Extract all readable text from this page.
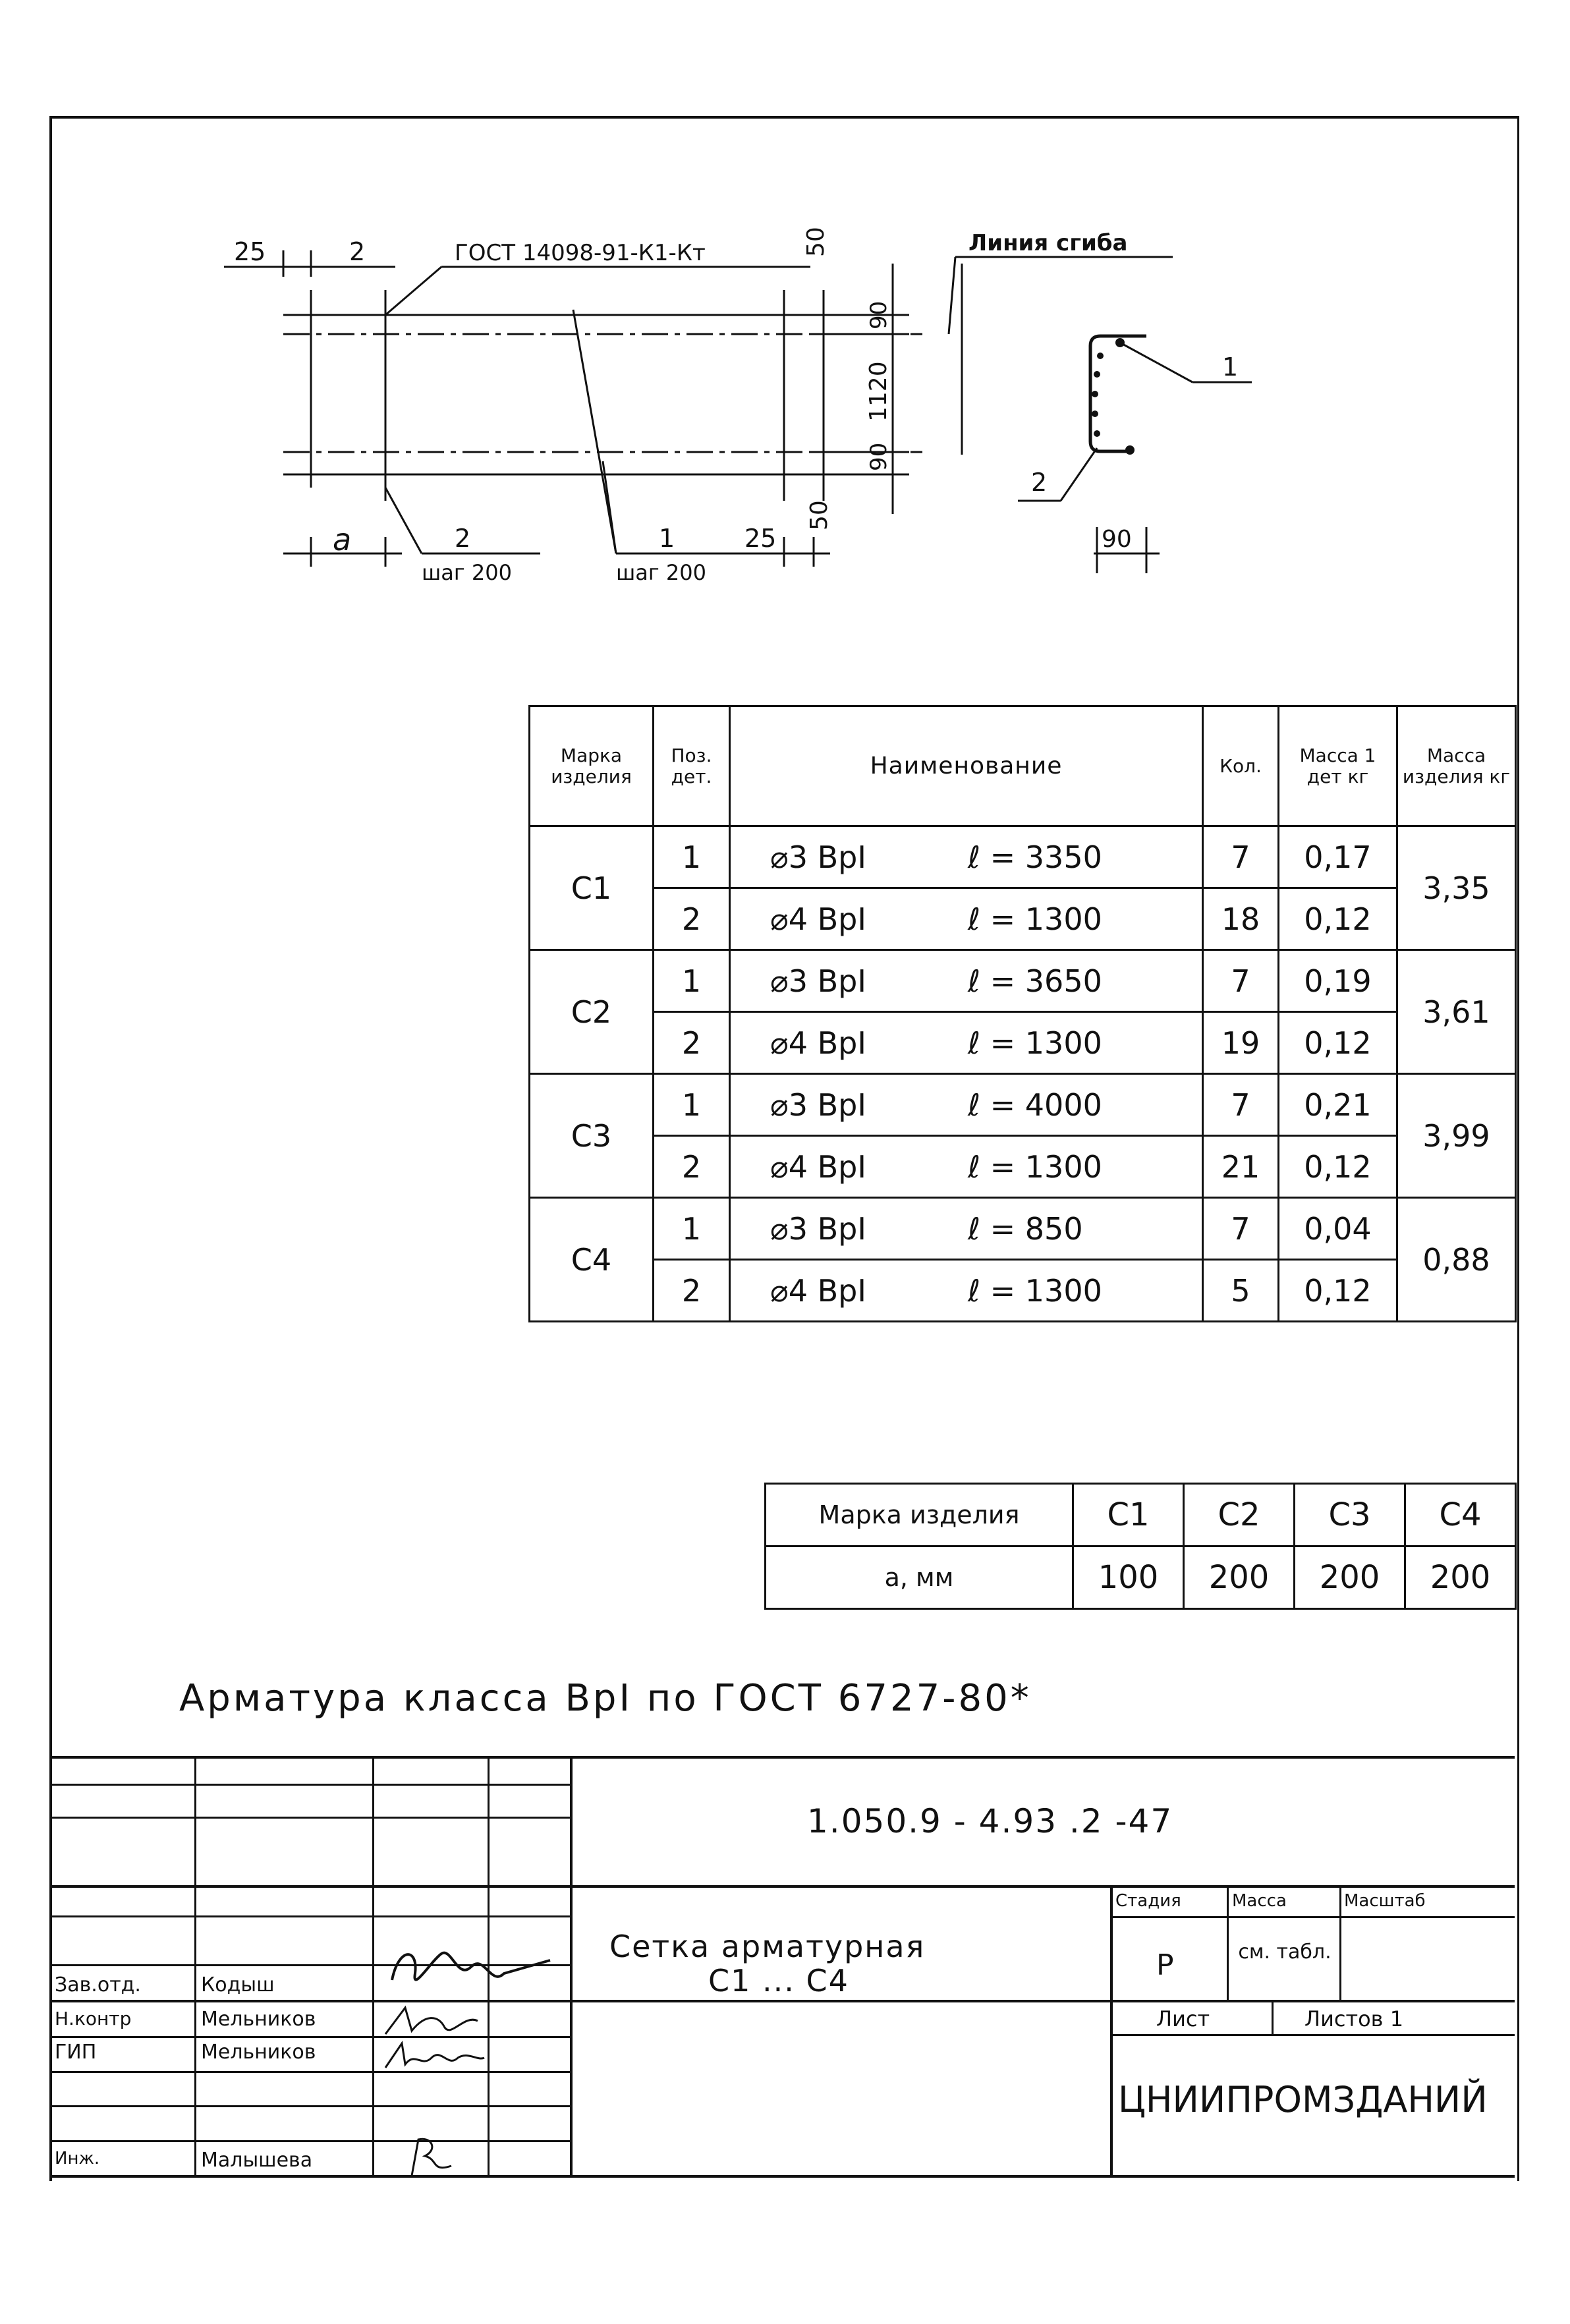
25	2	ГОСТ 14098-91-К1-Кт	50
90
1120
90
50
Линия сгиба
a	2
шаг 200
1
шаг 200
25
1
2
90
Марка изделия	Поз. дет.	Наименование	Кол.	Масса 1 дет кг	Масса изделия кг
С1	1	⌀3 ВрI ℓ = 3350	7	0,17	3,35
	2	⌀4 ВрI ℓ = 1300	18	0,12	
С2	1	⌀3 ВрI ℓ = 3650	7	0,19	3,61
	2	⌀4 ВрI ℓ = 1300	19	0,12	
С3	1	⌀3 ВрI ℓ = 4000	7	0,21	3,99
	2	⌀4 ВрI ℓ = 1300	21	0,12	
С4	1	⌀3 ВрI ℓ = 850	7	0,04	0,88
	2	⌀4 ВрI ℓ = 1300	5	0,12	
Марка изделия	С1	С2	С3	С4
a, мм	100	200	200	200
Арматура класса ВрI по ГОСТ 6727-80*
1.050.9 - 4.93 .2 -47
Сетка арматурная
С1 ... С4
Стадия	Масса	Масштаб
Р	см. табл.
Лист	Листов 1
ЦНИИПРОМЗДАНИЙ
Зав.отд.	Кодыш
Н.контр	Мельников
ГИП	Мельников
Инж.	Малышева
